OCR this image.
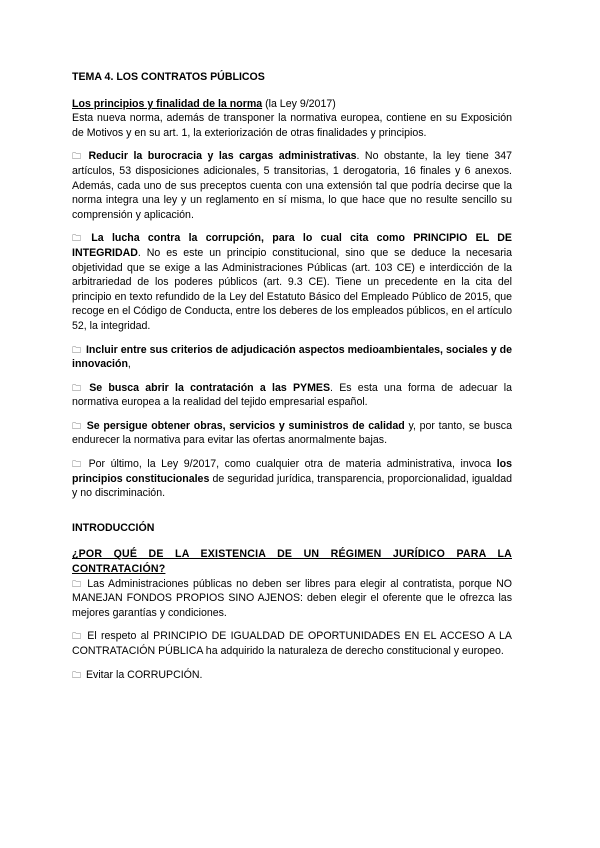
TEMA 4. LOS CONTRATOS PÚBLICOS

Los principios y finalidad de la norma (la Ley 9/2017)

Esta nueva norma, además de transponer la normativa europea, contiene en su Exposición de Motivos y en su art. 1, la exteriorización de otras finalidades y principios.

🗀 Reducir la burocracia y las cargas administrativas. No obstante, la ley tiene 347 artículos, 53 disposiciones adicionales, 5 transitorias, 1 derogatoria, 16 finales y 6 anexos. Además, cada uno de sus preceptos cuenta con una extensión tal que podría decirse que la norma integra una ley y un reglamento en sí misma, lo que hace que no resulte sencillo su comprensión y aplicación.

🗀 La lucha contra la corrupción, para lo cual cita como PRINCIPIO EL DE INTEGRIDAD. No es este un principio constitucional, sino que se deduce la necesaria objetividad que se exige a las Administraciones Públicas (art. 103 CE) e interdicción de la arbitrariedad de los poderes públicos (art. 9.3 CE). Tiene un precedente en la cita del principio en texto refundido de la Ley del Estatuto Básico del Empleado Público de 2015, que recoge en el Código de Conducta, entre los deberes de los empleados públicos, en el artículo 52, la integridad.

🗀 Incluir entre sus criterios de adjudicación aspectos medioambientales, sociales y de innovación,

🗀 Se busca abrir la contratación a las PYMES. Es esta una forma de adecuar la normativa europea a la realidad del tejido empresarial español.

🗀 Se persigue obtener obras, servicios y suministros de calidad y, por tanto, se busca endurecer la normativa para evitar las ofertas anormalmente bajas.

🗀 Por último, la Ley 9/2017, como cualquier otra de materia administrativa, invoca los principios constitucionales de seguridad jurídica, transparencia, proporcionalidad, igualdad y no discriminación.

INTRODUCCIÓN

¿POR QUÉ DE LA EXISTENCIA DE UN RÉGIMEN JURÍDICO PARA LA CONTRATACIÓN?

🗀 Las Administraciones públicas no deben ser libres para elegir al contratista, porque NO MANEJAN FONDOS PROPIOS SINO AJENOS: deben elegir el oferente que le ofrezca las mejores garantías y condiciones.

🗀 El respeto al PRINCIPIO DE IGUALDAD DE OPORTUNIDADES EN EL ACCESO A LA CONTRATACIÓN PÚBLICA ha adquirido la naturaleza de derecho constitucional y europeo.

🗀 Evitar la CORRUPCIÓN.
